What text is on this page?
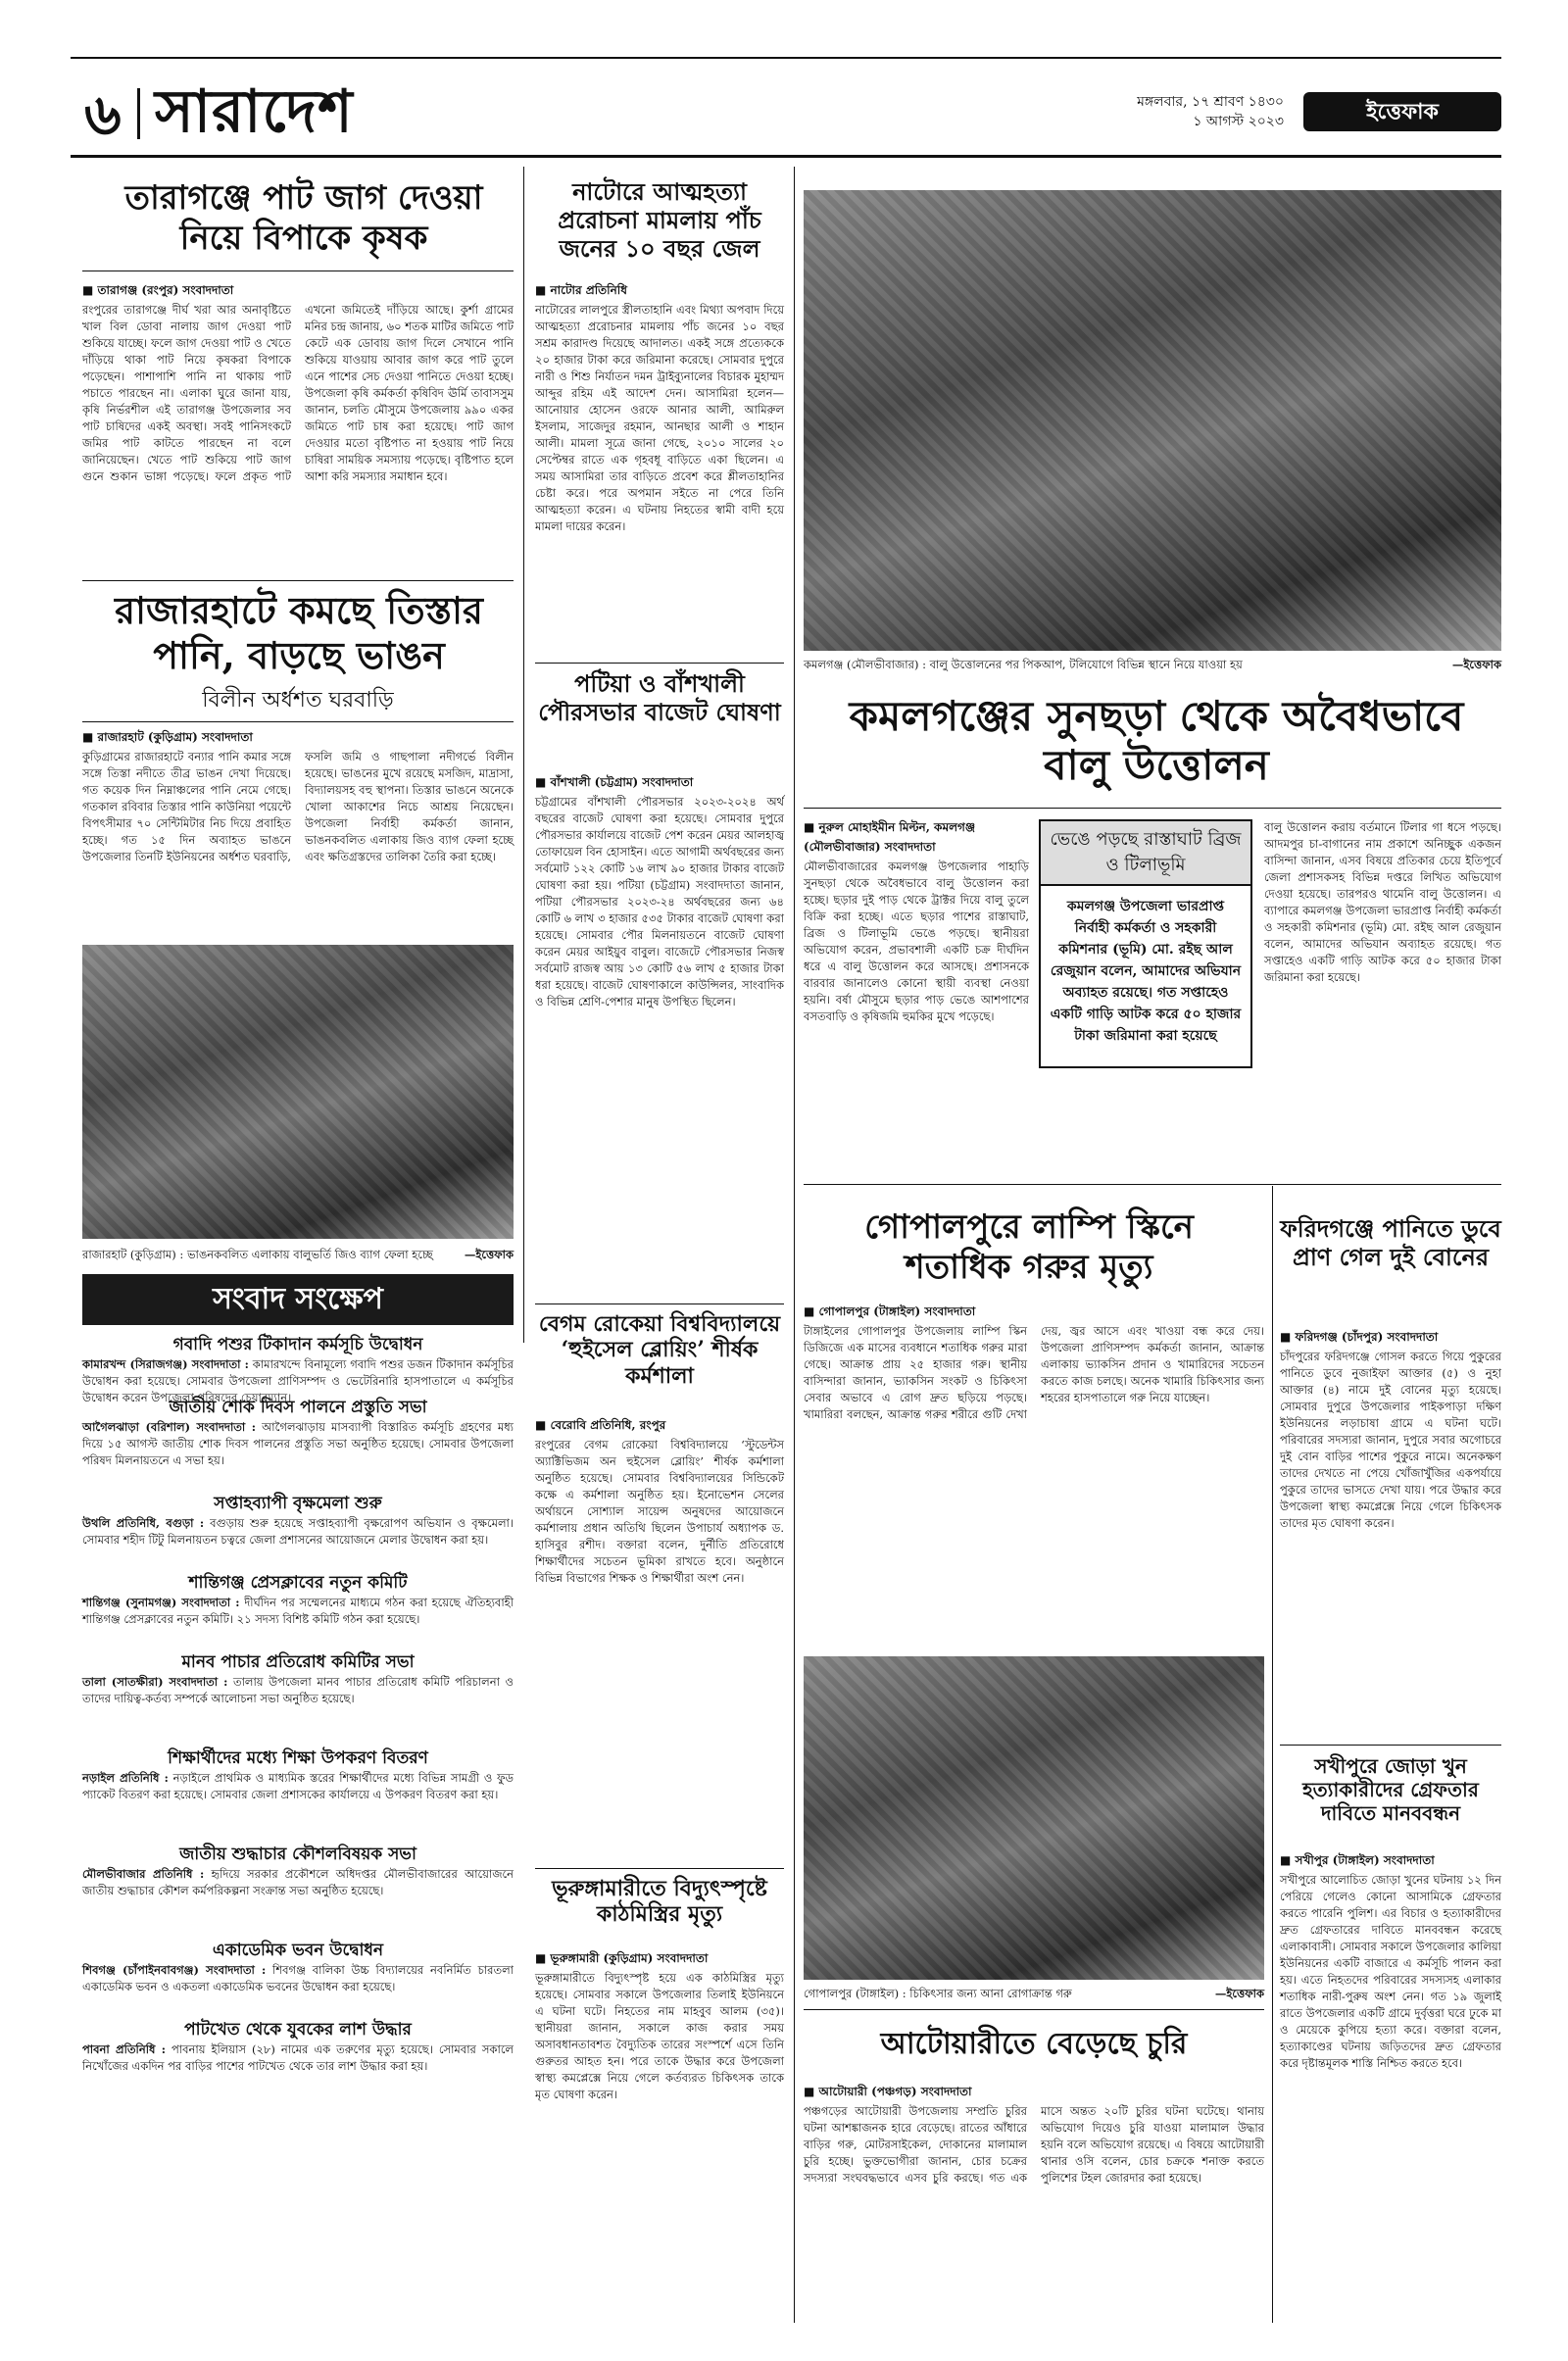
৬ সারাদেশ	মঙ্গলবার, ১৭ শ্রাবণ ১৪৩০
১ আগস্ট ২০২৩	ইত্তেফাক
তারাগঞ্জে পাট জাগ দেওয়া নিয়ে বিপাকে কৃষক
■ তারাগঞ্জ (রংপুর) সংবাদদাতা
রংপুরের তারাগঞ্জে দীর্ঘ খরা আর অনাবৃষ্টিতে খাল বিল ডোবা নালায় জাগ দেওয়া পাট শুকিয়ে যাচ্ছে। ফলে জাগ দেওয়া পাট ও খেতে দাঁড়িয়ে থাকা পাট নিয়ে কৃষকরা বিপাকে পড়েছেন। পাশাপাশি পানি না থাকায় পাট পচাতে পারছেন না। এলাকা ঘুরে জানা যায়, কৃষি নির্ভরশীল এই তারাগঞ্জ উপজেলার সব পাট চাষিদের একই অবস্থা। সবই পানিসংকটে জমির পাট কাটতে পারছেন না বলে জানিয়েছেন। খেতে পাট শুকিয়ে পাট জাগ গুনে শুকান ভাঙ্গা পড়েছে। ফলে প্রকৃত পাট এখনো জমিতেই দাঁড়িয়ে আছে। কুর্শা গ্রামের মনির চন্দ্র জানায়, ৬০ শতক মাটির জমিতে পাট কেটে এক ডোবায় জাগ দিলে সেখানে পানি শুকিয়ে যাওয়ায় আবার জাগ করে পাট তুলে এনে পাশের সেচ দেওয়া পানিতে দেওয়া হচ্ছে। উপজেলা কৃষি কর্মকর্তা কৃষিবিদ ঊর্মি তাবাসসুম জানান, চলতি মৌসুমে উপজেলায় ৯৯০ একর জমিতে পাট চাষ করা হয়েছে। পাট জাগ দেওয়ার মতো বৃষ্টিপাত না হওয়ায় পাট নিয়ে চাষিরা সাময়িক সমস্যায় পড়েছে। বৃষ্টিপাত হলে আশা করি সমস্যার সমাধান হবে।
রাজারহাটে কমছে তিস্তার পানি, বাড়ছে ভাঙন
বিলীন অর্ধশত ঘরবাড়ি
■ রাজারহাট (কুড়িগ্রাম) সংবাদদাতা
কুড়িগ্রামের রাজারহাটে বন্যার পানি কমার সঙ্গে সঙ্গে তিস্তা নদীতে তীব্র ভাঙন দেখা দিয়েছে। গত কয়েক দিন নিম্নাঞ্চলের পানি নেমে গেছে। গতকাল রবিবার তিস্তার পানি কাউনিয়া পয়েন্টে বিপৎসীমার ৭০ সেন্টিমিটার নিচ দিয়ে প্রবাহিত হচ্ছে। গত ১৫ দিন অব্যাহত ভাঙনে উপজেলার তিনটি ইউনিয়নের অর্ধশত ঘরবাড়ি, ফসলি জমি ও গাছপালা নদীগর্ভে বিলীন হয়েছে। ভাঙনের মুখে রয়েছে মসজিদ, মাদ্রাসা, বিদ্যালয়সহ বহু স্থাপনা। তিস্তার ভাঙনে অনেকে খোলা আকাশের নিচে আশ্রয় নিয়েছেন। উপজেলা নির্বাহী কর্মকর্তা জানান, ভাঙনকবলিত এলাকায় জিও ব্যাগ ফেলা হচ্ছে এবং ক্ষতিগ্রস্তদের তালিকা তৈরি করা হচ্ছে।
রাজারহাট (কুড়িগ্রাম) : ভাঙনকবলিত এলাকায় বালুভর্তি জিও ব্যাগ ফেলা হচ্ছে	—ইত্তেফাক
সংবাদ সংক্ষেপ
গবাদি পশুর টিকাদান কর্মসূচি উদ্বোধন
কামারখন্দ (সিরাজগঞ্জ) সংবাদদাতা : কামারখন্দে বিনামূল্যে গবাদি পশুর ডজন টিকাদান কর্মসূচির উদ্বোধন করা হয়েছে। সোমবার উপজেলা প্রাণিসম্পদ ও ভেটেরিনারি হাসপাতালে এ কর্মসূচির উদ্বোধন করেন উপজেলা পরিষদের চেয়ারম্যান।
জাতীয় শোক দিবস পালনে প্রস্তুতি সভা
আগৈলঝাড়া (বরিশাল) সংবাদদাতা : আগৈলঝাড়ায় মাসব্যাপী বিস্তারিত কর্মসূচি গ্রহণের মধ্য দিয়ে ১৫ আগস্ট জাতীয় শোক দিবস পালনের প্রস্তুতি সভা অনুষ্ঠিত হয়েছে। সোমবার উপজেলা পরিষদ মিলনায়তনে এ সভা হয়।
সপ্তাহব্যাপী বৃক্ষমেলা শুরু
উথলি প্রতিনিধি, বগুড়া : বগুড়ায় শুরু হয়েছে সপ্তাহব্যাপী বৃক্ষরোপণ অভিযান ও বৃক্ষমেলা। সোমবার শহীদ টিটু মিলনায়তন চত্বরে জেলা প্রশাসনের আয়োজনে মেলার উদ্বোধন করা হয়।
শান্তিগঞ্জ প্রেসক্লাবের নতুন কমিটি
শান্তিগঞ্জ (সুনামগঞ্জ) সংবাদদাতা : দীর্ঘদিন পর সম্মেলনের মাধ্যমে গঠন করা হয়েছে ঐতিহ্যবাহী শান্তিগঞ্জ প্রেসক্লাবের নতুন কমিটি। ২১ সদস্য বিশিষ্ট কমিটি গঠন করা হয়েছে।
মানব পাচার প্রতিরোধ কমিটির সভা
তালা (সাতক্ষীরা) সংবাদদাতা : তালায় উপজেলা মানব পাচার প্রতিরোধ কমিটি পরিচালনা ও তাদের দায়িত্ব-কর্তব্য সম্পর্কে আলোচনা সভা অনুষ্ঠিত হয়েছে।
শিক্ষার্থীদের মধ্যে শিক্ষা উপকরণ বিতরণ
নড়াইল প্রতিনিধি : নড়াইলে প্রাথমিক ও মাধ্যমিক স্তরের শিক্ষার্থীদের মধ্যে বিভিন্ন সামগ্রী ও ফুড প্যাকেট বিতরণ করা হয়েছে। সোমবার জেলা প্রশাসকের কার্যালয়ে এ উপকরণ বিতরণ করা হয়।
জাতীয় শুদ্ধাচার কৌশলবিষয়ক সভা
মৌলভীবাজার প্রতিনিধি : হৃদিয়ে সরকার প্রকৌশলে অধিদপ্তর মৌলভীবাজারের আয়োজনে জাতীয় শুদ্ধাচার কৌশল কর্মপরিকল্পনা সংক্রান্ত সভা অনুষ্ঠিত হয়েছে।
একাডেমিক ভবন উদ্বোধন
শিবগঞ্জ (চাঁপাইনবাবগঞ্জ) সংবাদদাতা : শিবগঞ্জ বালিকা উচ্চ বিদ্যালয়ের নবনির্মিত চারতলা একাডেমিক ভবন ও একতলা একাডেমিক ভবনের উদ্বোধন করা হয়েছে।
পাটখেত থেকে যুবকের লাশ উদ্ধার
পাবনা প্রতিনিধি : পাবনায় ইলিয়াস (২৮) নামের এক তরুণের মৃত্যু হয়েছে। সোমবার সকালে নিখোঁজের একদিন পর বাড়ির পাশের পাটখেত থেকে তার লাশ উদ্ধার করা হয়।
নাটোরে আত্মহত্যা প্ররোচনা মামলায় পাঁচ জনের ১০ বছর জেল
■ নাটোর প্রতিনিধি
নাটোরের লালপুরে স্ত্রীলতাহানি এবং মিথ্যা অপবাদ দিয়ে আত্মহত্যা প্ররোচনার মামলায় পাঁচ জনের ১০ বছর সশ্রম কারাদণ্ড দিয়েছে আদালত। একই সঙ্গে প্রত্যেককে ২০ হাজার টাকা করে জরিমানা করেছে। সোমবার দুপুরে নারী ও শিশু নির্যাতন দমন ট্রাইব্যুনালের বিচারক মুহাম্মদ আব্দুর রহিম এই আদেশ দেন। আসামিরা হলেন—আনোয়ার হোসেন ওরফে আনার আলী, আমিরুল ইসলাম, সাজেদুর রহমান, আনছার আলী ও শাহান আলী। মামলা সূত্রে জানা গেছে, ২০১০ সালের ২০ সেপ্টেম্বর রাতে এক গৃহবধূ বাড়িতে একা ছিলেন। এ সময় আসামিরা তার বাড়িতে প্রবেশ করে শ্লীলতাহানির চেষ্টা করে। পরে অপমান সইতে না পেরে তিনি আত্মহত্যা করেন। এ ঘটনায় নিহতের স্বামী বাদী হয়ে মামলা দায়ের করেন।
পটিয়া ও বাঁশখালী পৌরসভার বাজেট ঘোষণা
■ বাঁশখালী (চট্টগ্রাম) সংবাদদাতা
চট্টগ্রামের বাঁশখালী পৌরসভার ২০২৩-২০২৪ অর্থ বছরের বাজেট ঘোষণা করা হয়েছে। সোমবার দুপুরে পৌরসভার কার্যালয়ে বাজেট পেশ করেন মেয়র আলহাজ্ব তোফায়েল বিন হোসাইন। এতে আগামী অর্থবছরের জন্য সর্বমোট ১২২ কোটি ১৬ লাখ ৯০ হাজার টাকার বাজেট ঘোষণা করা হয়। পটিয়া (চট্টগ্রাম) সংবাদদাতা জানান, পটিয়া পৌরসভার ২০২৩-২৪ অর্থবছরের জন্য ৬৪ কোটি ৬ লাখ ৩ হাজার ৫৩৫ টাকার বাজেট ঘোষণা করা হয়েছে। সোমবার পৌর মিলনায়তনে বাজেট ঘোষণা করেন মেয়র আইয়ুব বাবুল। বাজেটে পৌরসভার নিজস্ব সর্বমোট রাজস্ব আয় ১৩ কোটি ৫৬ লাখ ৫ হাজার টাকা ধরা হয়েছে। বাজেট ঘোষণাকালে কাউন্সিলর, সাংবাদিক ও বিভিন্ন শ্রেণি-পেশার মানুষ উপস্থিত ছিলেন।
বেগম রোকেয়া বিশ্ববিদ্যালয়ে ‘হুইসেল ব্লোয়িং’ শীর্ষক কর্মশালা
■ বেরোবি প্রতিনিধি, রংপুর
রংপুরের বেগম রোকেয়া বিশ্ববিদ্যালয়ে ‘স্টুডেন্টস অ্যাক্টিভিজম অন হুইসেল ব্লোয়িং’ শীর্ষক কর্মশালা অনুষ্ঠিত হয়েছে। সোমবার বিশ্ববিদ্যালয়ের সিন্ডিকেট কক্ষে এ কর্মশালা অনুষ্ঠিত হয়। ইনোভেশন সেলের অর্থায়নে সোশ্যাল সায়েন্স অনুষদের আয়োজনে কর্মশালায় প্রধান অতিথি ছিলেন উপাচার্য অধ্যাপক ড. হাসিবুর রশীদ। বক্তারা বলেন, দুর্নীতি প্রতিরোধে শিক্ষার্থীদের সচেতন ভূমিকা রাখতে হবে। অনুষ্ঠানে বিভিন্ন বিভাগের শিক্ষক ও শিক্ষার্থীরা অংশ নেন।
ভূরুঙ্গামারীতে বিদ্যুৎস্পৃষ্টে কাঠমিস্ত্রির মৃত্যু
■ ভূরুঙ্গামারী (কুড়িগ্রাম) সংবাদদাতা
ভূরুঙ্গামারীতে বিদ্যুৎস্পৃষ্ট হয়ে এক কাঠমিস্ত্রির মৃত্যু হয়েছে। সোমবার সকালে উপজেলার তিলাই ইউনিয়নে এ ঘটনা ঘটে। নিহতের নাম মাহবুব আলম (৩৫)। স্থানীয়রা জানান, সকালে কাজ করার সময় অসাবধানতাবশত বৈদ্যুতিক তারের সংস্পর্শে এসে তিনি গুরুতর আহত হন। পরে তাকে উদ্ধার করে উপজেলা স্বাস্থ্য কমপ্লেক্সে নিয়ে গেলে কর্তব্যরত চিকিৎসক তাকে মৃত ঘোষণা করেন।
কমলগঞ্জ (মৌলভীবাজার) : বালু উত্তোলনের পর পিকআপ, টলিযোগে বিভিন্ন স্থানে নিয়ে যাওয়া হয়	—ইত্তেফাক
কমলগঞ্জের সুনছড়া থেকে অবৈধভাবে বালু উত্তোলন
■ নুরুল মোহাইমীন মিল্টন, কমলগঞ্জ (মৌলভীবাজার) সংবাদদাতা
মৌলভীবাজারের কমলগঞ্জ উপজেলার পাহাড়ি সুনছড়া থেকে অবৈধভাবে বালু উত্তোলন করা হচ্ছে। ছড়ার দুই পাড় থেকে ট্রাক্টর দিয়ে বালু তুলে বিক্রি করা হচ্ছে। এতে ছড়ার পাশের রাস্তাঘাট, ব্রিজ ও টিলাভূমি ভেঙে পড়ছে। স্থানীয়রা অভিযোগ করেন, প্রভাবশালী একটি চক্র দীর্ঘদিন ধরে এ বালু উত্তোলন করে আসছে। প্রশাসনকে বারবার জানালেও কোনো স্থায়ী ব্যবস্থা নেওয়া হয়নি। বর্ষা মৌসুমে ছড়ার পাড় ভেঙে আশপাশের বসতবাড়ি ও কৃষিজমি হুমকির মুখে পড়েছে।
ভেঙে পড়ছে রাস্তাঘাট ব্রিজ ও টিলাভূমি
কমলগঞ্জ উপজেলা ভারপ্রাপ্ত নির্বাহী কর্মকর্তা ও সহকারী কমিশনার (ভূমি) মো. রইছ আল রেজুয়ান বলেন, আমাদের অভিযান অব্যাহত রয়েছে। গত সপ্তাহেও একটি গাড়ি আটক করে ৫০ হাজার টাকা জরিমানা করা হয়েছে
বালু উত্তোলন করায় বর্তমানে টিলার গা ধসে পড়ছে। আদমপুর চা-বাগানের নাম প্রকাশে অনিচ্ছুক একজন বাসিন্দা জানান, এসব বিষয়ে প্রতিকার চেয়ে ইতিপূর্বে জেলা প্রশাসকসহ বিভিন্ন দপ্তরে লিখিত অভিযোগ দেওয়া হয়েছে। তারপরও থামেনি বালু উত্তোলন। এ ব্যাপারে কমলগঞ্জ উপজেলা ভারপ্রাপ্ত নির্বাহী কর্মকর্তা ও সহকারী কমিশনার (ভূমি) মো. রইছ আল রেজুয়ান বলেন, আমাদের অভিযান অব্যাহত রয়েছে। গত সপ্তাহেও একটি গাড়ি আটক করে ৫০ হাজার টাকা জরিমানা করা হয়েছে।
গোপালপুরে লাম্পি স্কিনে শতাধিক গরুর মৃত্যু
■ গোপালপুর (টাঙ্গাইল) সংবাদদাতা
টাঙ্গাইলের গোপালপুর উপজেলায় লাম্পি স্কিন ডিজিজে এক মাসের ব্যবধানে শতাধিক গরুর মারা গেছে। আক্রান্ত প্রায় ২৫ হাজার গরু। স্থানীয় বাসিন্দারা জানান, ভ্যাকসিন সংকট ও চিকিৎসা সেবার অভাবে এ রোগ দ্রুত ছড়িয়ে পড়ছে। খামারিরা বলছেন, আক্রান্ত গরুর শরীরে গুটি দেখা দেয়, জ্বর আসে এবং খাওয়া বন্ধ করে দেয়। উপজেলা প্রাণিসম্পদ কর্মকর্তা জানান, আক্রান্ত এলাকায় ভ্যাকসিন প্রদান ও খামারিদের সচেতন করতে কাজ চলছে। অনেক খামারি চিকিৎসার জন্য শহরের হাসপাতালে গরু নিয়ে যাচ্ছেন।
গোপালপুর (টাঙ্গাইল) : চিকিৎসার জন্য আনা রোগাক্রান্ত গরু	—ইত্তেফাক
আটোয়ারীতে বেড়েছে চুরি
■ আটোয়ারী (পঞ্চগড়) সংবাদদাতা
পঞ্চগড়ের আটোয়ারী উপজেলায় সম্প্রতি চুরির ঘটনা আশঙ্কাজনক হারে বেড়েছে। রাতের আঁধারে বাড়ির গরু, মোটরসাইকেল, দোকানের মালামাল চুরি হচ্ছে। ভুক্তভোগীরা জানান, চোর চক্রের সদস্যরা সংঘবদ্ধভাবে এসব চুরি করছে। গত এক মাসে অন্তত ২০টি চুরির ঘটনা ঘটেছে। থানায় অভিযোগ দিয়েও চুরি যাওয়া মালামাল উদ্ধার হয়নি বলে অভিযোগ রয়েছে। এ বিষয়ে আটোয়ারী থানার ওসি বলেন, চোর চক্রকে শনাক্ত করতে পুলিশের টহল জোরদার করা হয়েছে।
ফরিদগঞ্জে পানিতে ডুবে প্রাণ গেল দুই বোনের
■ ফরিদগঞ্জ (চাঁদপুর) সংবাদদাতা
চাঁদপুরের ফরিদগঞ্জে গোসল করতে গিয়ে পুকুরের পানিতে ডুবে নুজাইফা আক্তার (৫) ও নুহা আক্তার (৪) নামে দুই বোনের মৃত্যু হয়েছে। সোমবার দুপুরে উপজেলার পাইকপাড়া দক্ষিণ ইউনিয়নের লড়াচাষা গ্রামে এ ঘটনা ঘটে। পরিবারের সদস্যরা জানান, দুপুরে সবার অগোচরে দুই বোন বাড়ির পাশের পুকুরে নামে। অনেকক্ষণ তাদের দেখতে না পেয়ে খোঁজাখুঁজির একপর্যায়ে পুকুরে তাদের ভাসতে দেখা যায়। পরে উদ্ধার করে উপজেলা স্বাস্থ্য কমপ্লেক্সে নিয়ে গেলে চিকিৎসক তাদের মৃত ঘোষণা করেন।
সখীপুরে জোড়া খুন হত্যাকারীদের গ্রেফতার দাবিতে মানববন্ধন
■ সখীপুর (টাঙ্গাইল) সংবাদদাতা
সখীপুরে আলোচিত জোড়া খুনের ঘটনায় ১২ দিন পেরিয়ে গেলেও কোনো আসামিকে গ্রেফতার করতে পারেনি পুলিশ। এর বিচার ও হত্যাকারীদের দ্রুত গ্রেফতারের দাবিতে মানববন্ধন করেছে এলাকাবাসী। সোমবার সকালে উপজেলার কালিয়া ইউনিয়নের একটি বাজারে এ কর্মসূচি পালন করা হয়। এতে নিহতদের পরিবারের সদস্যসহ এলাকার শতাধিক নারী-পুরুষ অংশ নেন। গত ১৯ জুলাই রাতে উপজেলার একটি গ্রামে দুর্বৃত্তরা ঘরে ঢুকে মা ও মেয়েকে কুপিয়ে হত্যা করে। বক্তারা বলেন, হত্যাকাণ্ডের ঘটনায় জড়িতদের দ্রুত গ্রেফতার করে দৃষ্টান্তমূলক শাস্তি নিশ্চিত করতে হবে।
